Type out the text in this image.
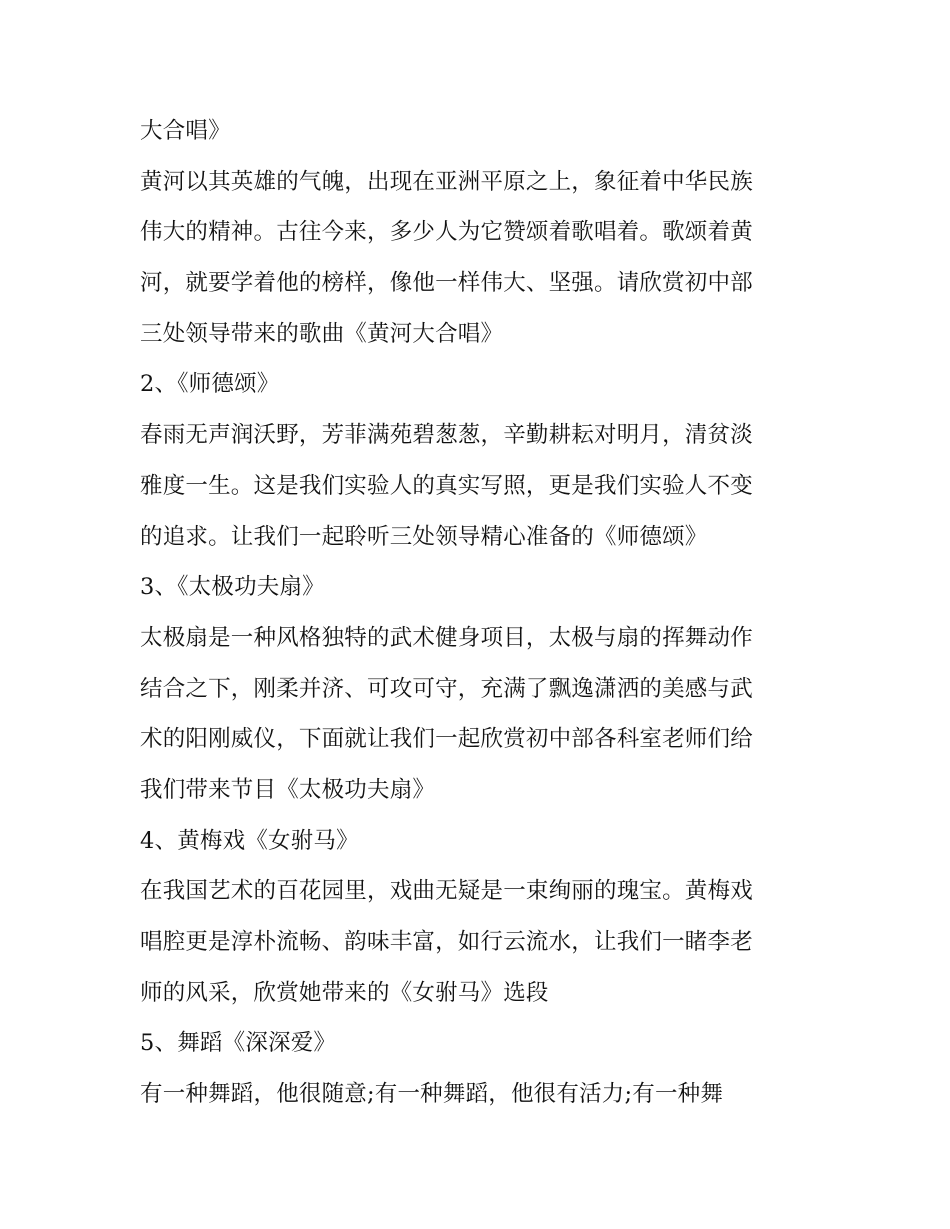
大合唱》
黄河以其英雄的气魄，出现在亚洲平原之上，象征着中华民族
伟大的精神。古往今来，多少人为它赞颂着歌唱着。歌颂着黄
河，就要学着他的榜样，像他一样伟大、坚强。请欣赏初中部
三处领导带来的歌曲《黄河大合唱》
2、《师德颂》
春雨无声润沃野，芳菲满苑碧葱葱，辛勤耕耘对明月，清贫淡
雅度一生。这是我们实验人的真实写照，更是我们实验人不变
的追求。让我们一起聆听三处领导精心准备的《师德颂》
3、《太极功夫扇》
太极扇是一种风格独特的武术健身项目，太极与扇的挥舞动作
结合之下，刚柔并济、可攻可守，充满了飘逸潇洒的美感与武
术的阳刚威仪，下面就让我们一起欣赏初中部各科室老师们给
我们带来节目《太极功夫扇》
4、黄梅戏《女驸马》
在我国艺术的百花园里，戏曲无疑是一束绚丽的瑰宝。黄梅戏
唱腔更是淳朴流畅、韵味丰富，如行云流水，让我们一睹李老
师的风采，欣赏她带来的《女驸马》选段
5、舞蹈《深深爱》
有一种舞蹈，他很随意;有一种舞蹈，他很有活力;有一种舞
